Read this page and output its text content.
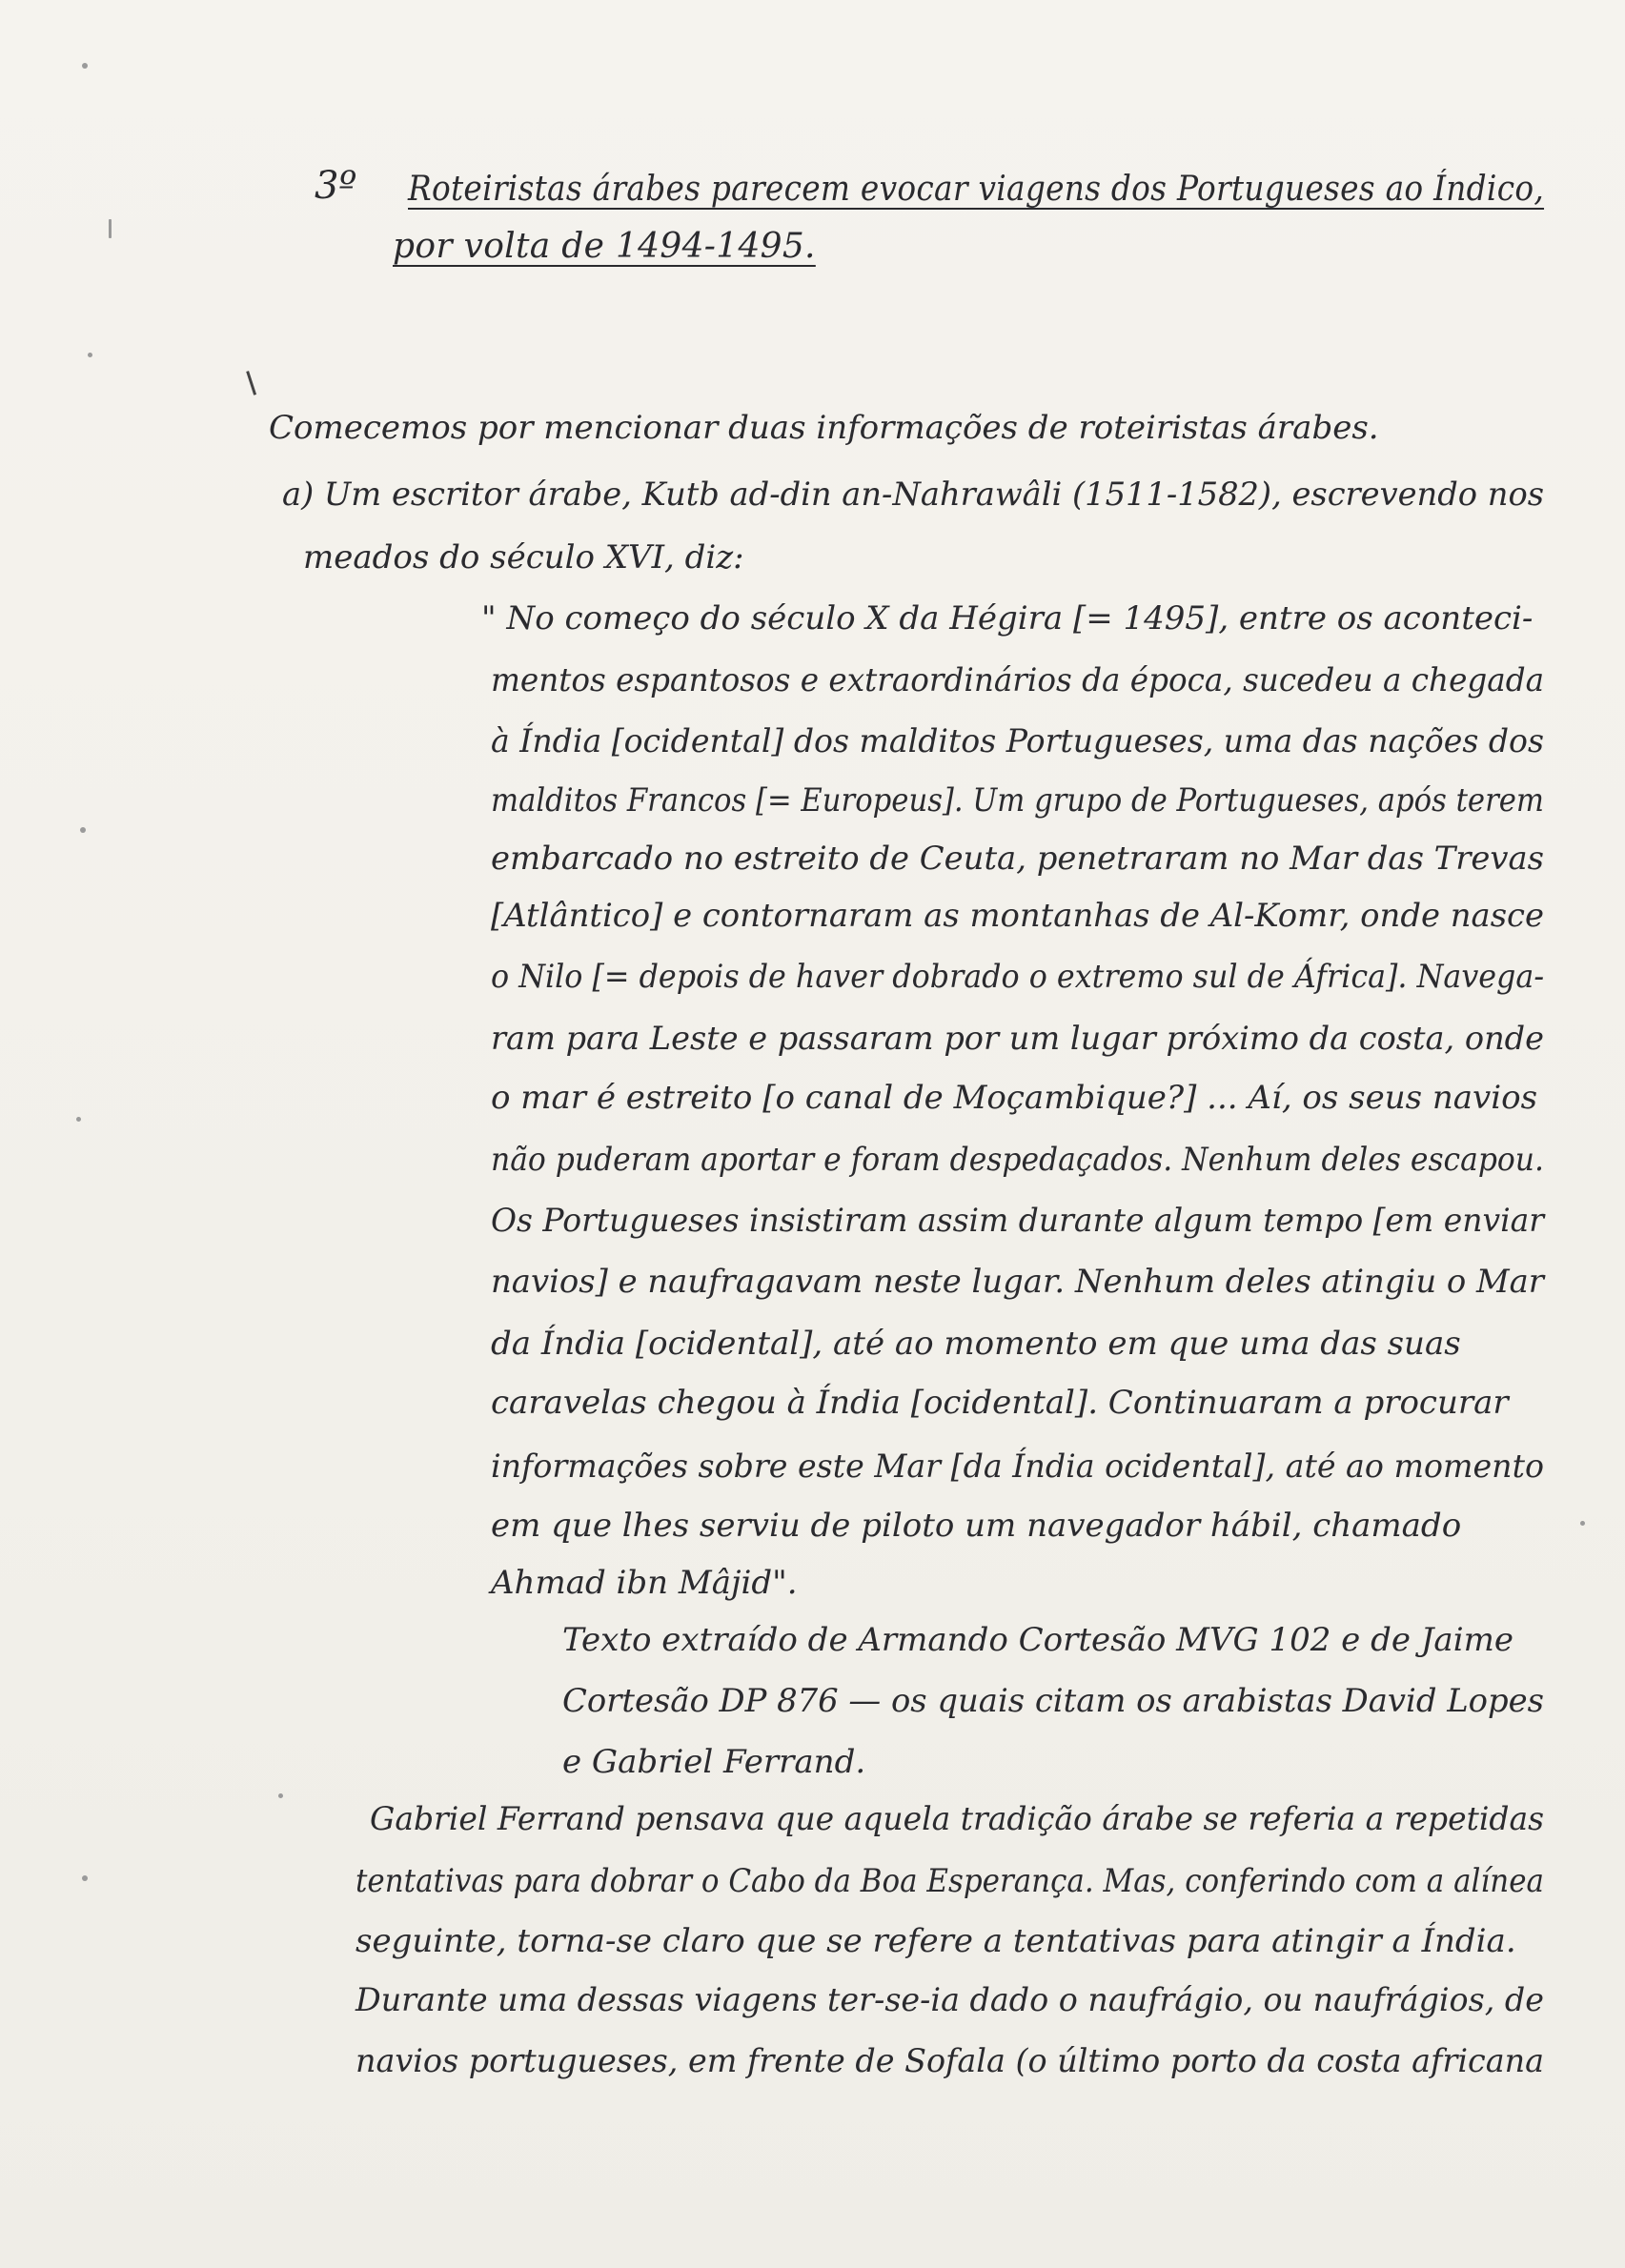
3º Roteiristas árabes parecem evocar viagens dos Portugueses ao Índico,
por volta de 1494-1495.
Comecemos por mencionar duas informações de roteiristas árabes.
a) Um escritor árabe, Kutb ad-din an-Nahrawâli (1511-1582), escrevendo nos
meados do século XVI, diz:
" No começo do século X da Hégira [= 1495], entre os aconteci-
mentos espantosos e extraordinários da época, sucedeu a chegada
à Índia [ocidental] dos malditos Portugueses, uma das nações dos
malditos Francos [= Europeus]. Um grupo de Portugueses, após terem
embarcado no estreito de Ceuta, penetraram no Mar das Trevas
[Atlântico] e contornaram as montanhas de Al-Komr, onde nasce
o Nilo [= depois de haver dobrado o extremo sul de África]. Navega-
ram para Leste e passaram por um lugar próximo da costa, onde
o mar é estreito [o canal de Moçambique?] ... Aí, os seus navios
não puderam aportar e foram despedaçados. Nenhum deles escapou.
Os Portugueses insistiram assim durante algum tempo [em enviar
navios] e naufragavam neste lugar. Nenhum deles atingiu o Mar
da Índia [ocidental], até ao momento em que uma das suas
caravelas chegou à Índia [ocidental]. Continuaram a procurar
informações sobre este Mar [da Índia ocidental], até ao momento
em que lhes serviu de piloto um navegador hábil, chamado
Ahmad ibn Mâjid".
Texto extraído de Armando Cortesão MVG 102 e de Jaime
Cortesão DP 876 — os quais citam os arabistas David Lopes
e Gabriel Ferrand.
Gabriel Ferrand pensava que aquela tradição árabe se referia a repetidas
tentativas para dobrar o Cabo da Boa Esperança. Mas, conferindo com a alínea
seguinte, torna-se claro que se refere a tentativas para atingir a Índia.
Durante uma dessas viagens ter-se-ia dado o naufrágio, ou naufrágios, de
navios portugueses, em frente de Sofala (o último porto da costa africana
